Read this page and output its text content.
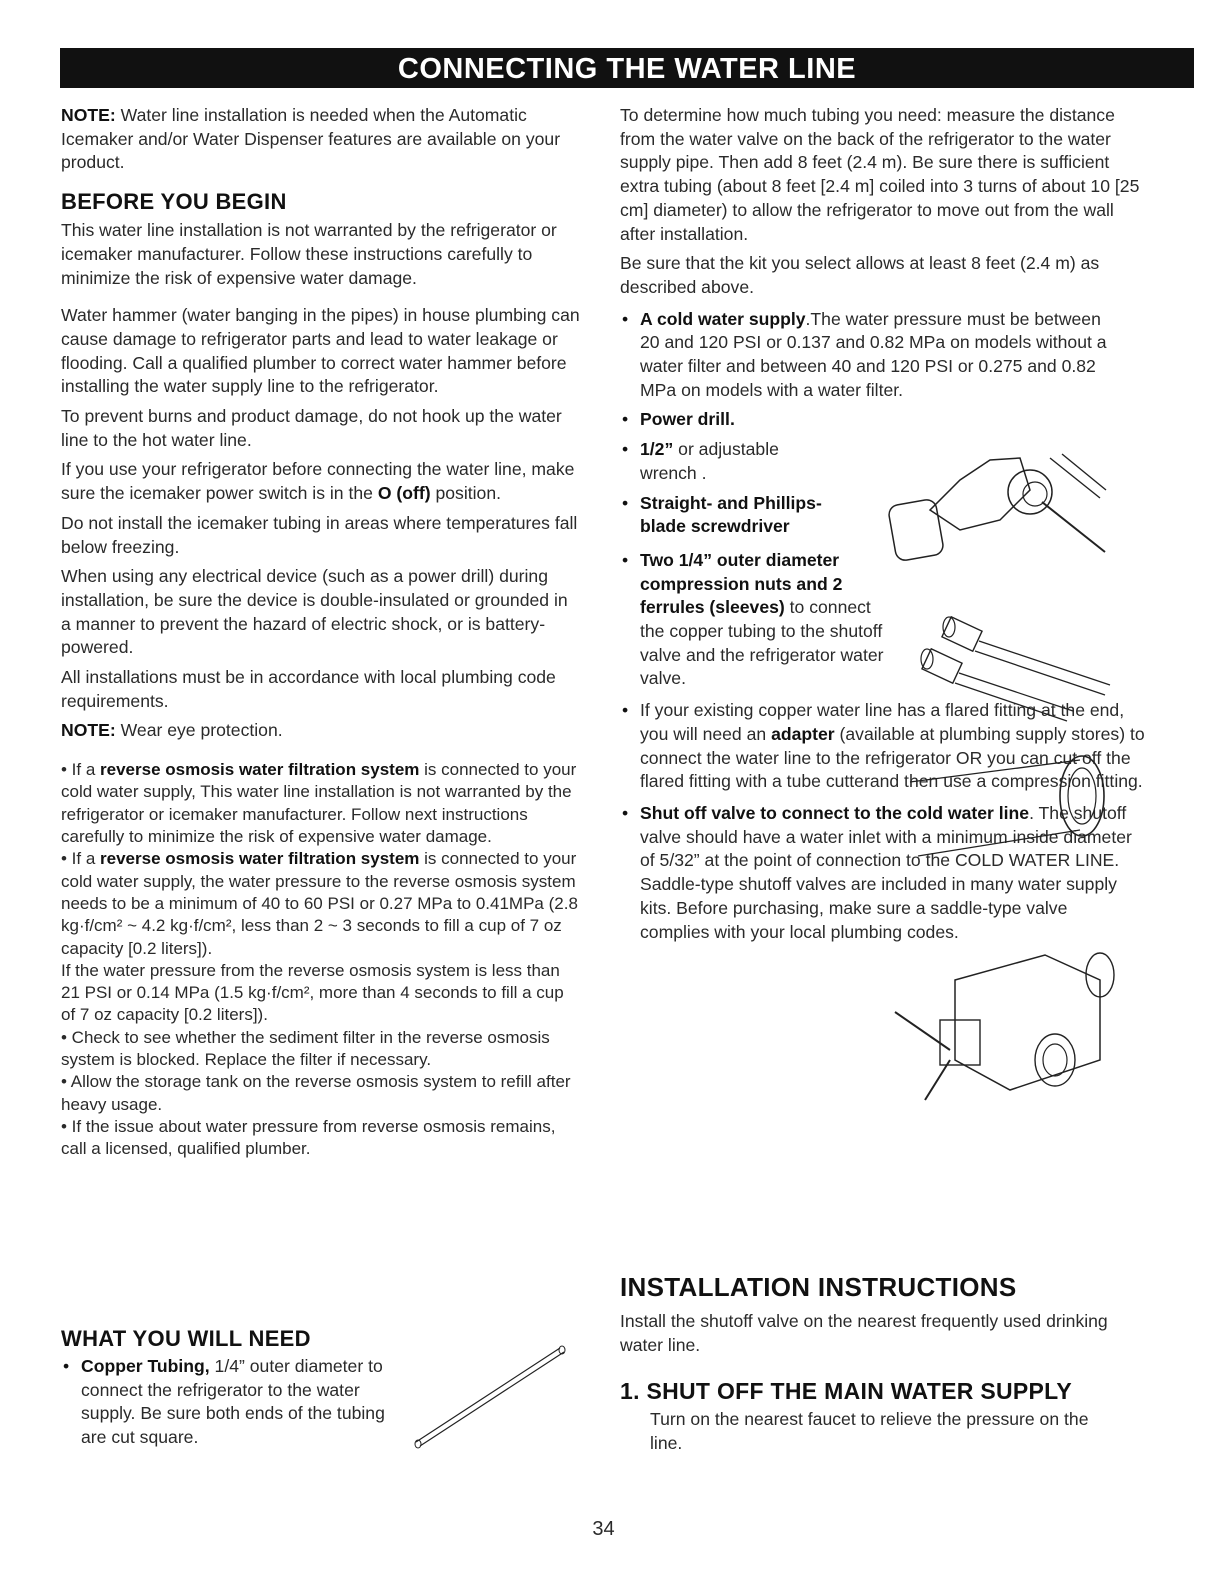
CONNECTING THE WATER LINE

NOTE: Water line installation is needed when the Automatic Icemaker and/or Water Dispenser features are available on your product.

BEFORE YOU BEGIN

This water line installation is not warranted by the refrigerator or icemaker manufacturer. Follow these instructions carefully to minimize the risk of expensive water damage.

Water hammer (water banging in the pipes) in house plumbing can cause damage to refrigerator parts and lead to water leakage or flooding. Call a qualified plumber to correct water hammer before installing the water supply line to the refrigerator.

To prevent burns and product damage, do not hook up the water line to the hot water line.

If you use your refrigerator before connecting the water line, make sure the icemaker power switch is in the O (off) position.

Do not install the icemaker tubing in areas where temperatures fall below freezing.

When using any electrical device (such as a power drill) during installation, be sure the device is double-insulated or grounded in a manner to prevent the hazard of electric shock, or is battery-powered.

All installations must be in accordance with local plumbing code requirements.

NOTE: Wear eye protection.

• If a reverse osmosis water filtration system is connected to your cold water supply, This water line installation is not warranted by the refrigerator or icemaker manufacturer. Follow next instructions carefully to minimize the risk of expensive water damage.
• If a reverse osmosis water filtration system is connected to your cold water supply, the water pressure to the reverse osmosis system needs to be a minimum of 40 to 60 PSI or 0.27 MPa to 0.41MPa (2.8 kg·f/cm² ~ 4.2 kg·f/cm², less than 2 ~ 3 seconds to fill a cup of 7 oz capacity [0.2 liters]).
If the water pressure from the reverse osmosis system is less than 21 PSI or 0.14 MPa (1.5 kg·f/cm², more than 4 seconds to fill a cup of 7 oz capacity [0.2 liters]).
• Check to see whether the sediment filter in the reverse osmosis system is blocked. Replace the filter if necessary.
• Allow the storage tank on the reverse osmosis system to refill after heavy usage.
• If the issue about water pressure from reverse osmosis remains, call a licensed, qualified plumber.
WHAT YOU WILL NEED
• Copper Tubing, 1/4” outer diameter to connect the refrigerator to the water supply. Be sure both ends of the tubing are cut square.

To determine how much tubing you need: measure the distance from the water valve on the back of the refrigerator to the water supply pipe. Then add 8 feet (2.4 m). Be sure there is sufficient extra tubing (about 8 feet [2.4 m] coiled into 3 turns of about 10 [25 cm] diameter) to allow the refrigerator to move out from the wall after installation.

Be sure that the kit you select allows at least 8 feet (2.4 m) as described above.

• A cold water supply.The water pressure must be between 20 and 120 PSI or 0.137 and 0.82 MPa on models without a water filter and between 40 and 120 PSI or 0.275 and 0.82 MPa on models with a water filter.
• Power drill.
• 1/2” or adjustable wrench .
• Straight- and Phillips-blade screwdriver
• Two 1/4” outer diameter compression nuts and 2 ferrules (sleeves) to connect the copper tubing to the shutoff valve and the refrigerator water valve.
• If your existing copper water line has a flared fitting at the end, you will need an adapter (available at plumbing supply stores) to connect the water line to the refrigerator OR you can cut off the flared fitting with a tube cutterand then use a compression fitting.
• Shut off valve to connect to the cold water line. The shutoff valve should have a water inlet with a minimum inside diameter of 5/32” at the point of connection to the COLD WATER LINE. Saddle-type shutoff valves are included in many water supply kits. Before purchasing, make sure a saddle-type valve complies with your local plumbing codes.
INSTALLATION INSTRUCTIONS

Install the shutoff valve on the nearest frequently used drinking water line.

1. SHUT OFF THE MAIN WATER SUPPLY

Turn on the nearest faucet to relieve the pressure on the line.

34
